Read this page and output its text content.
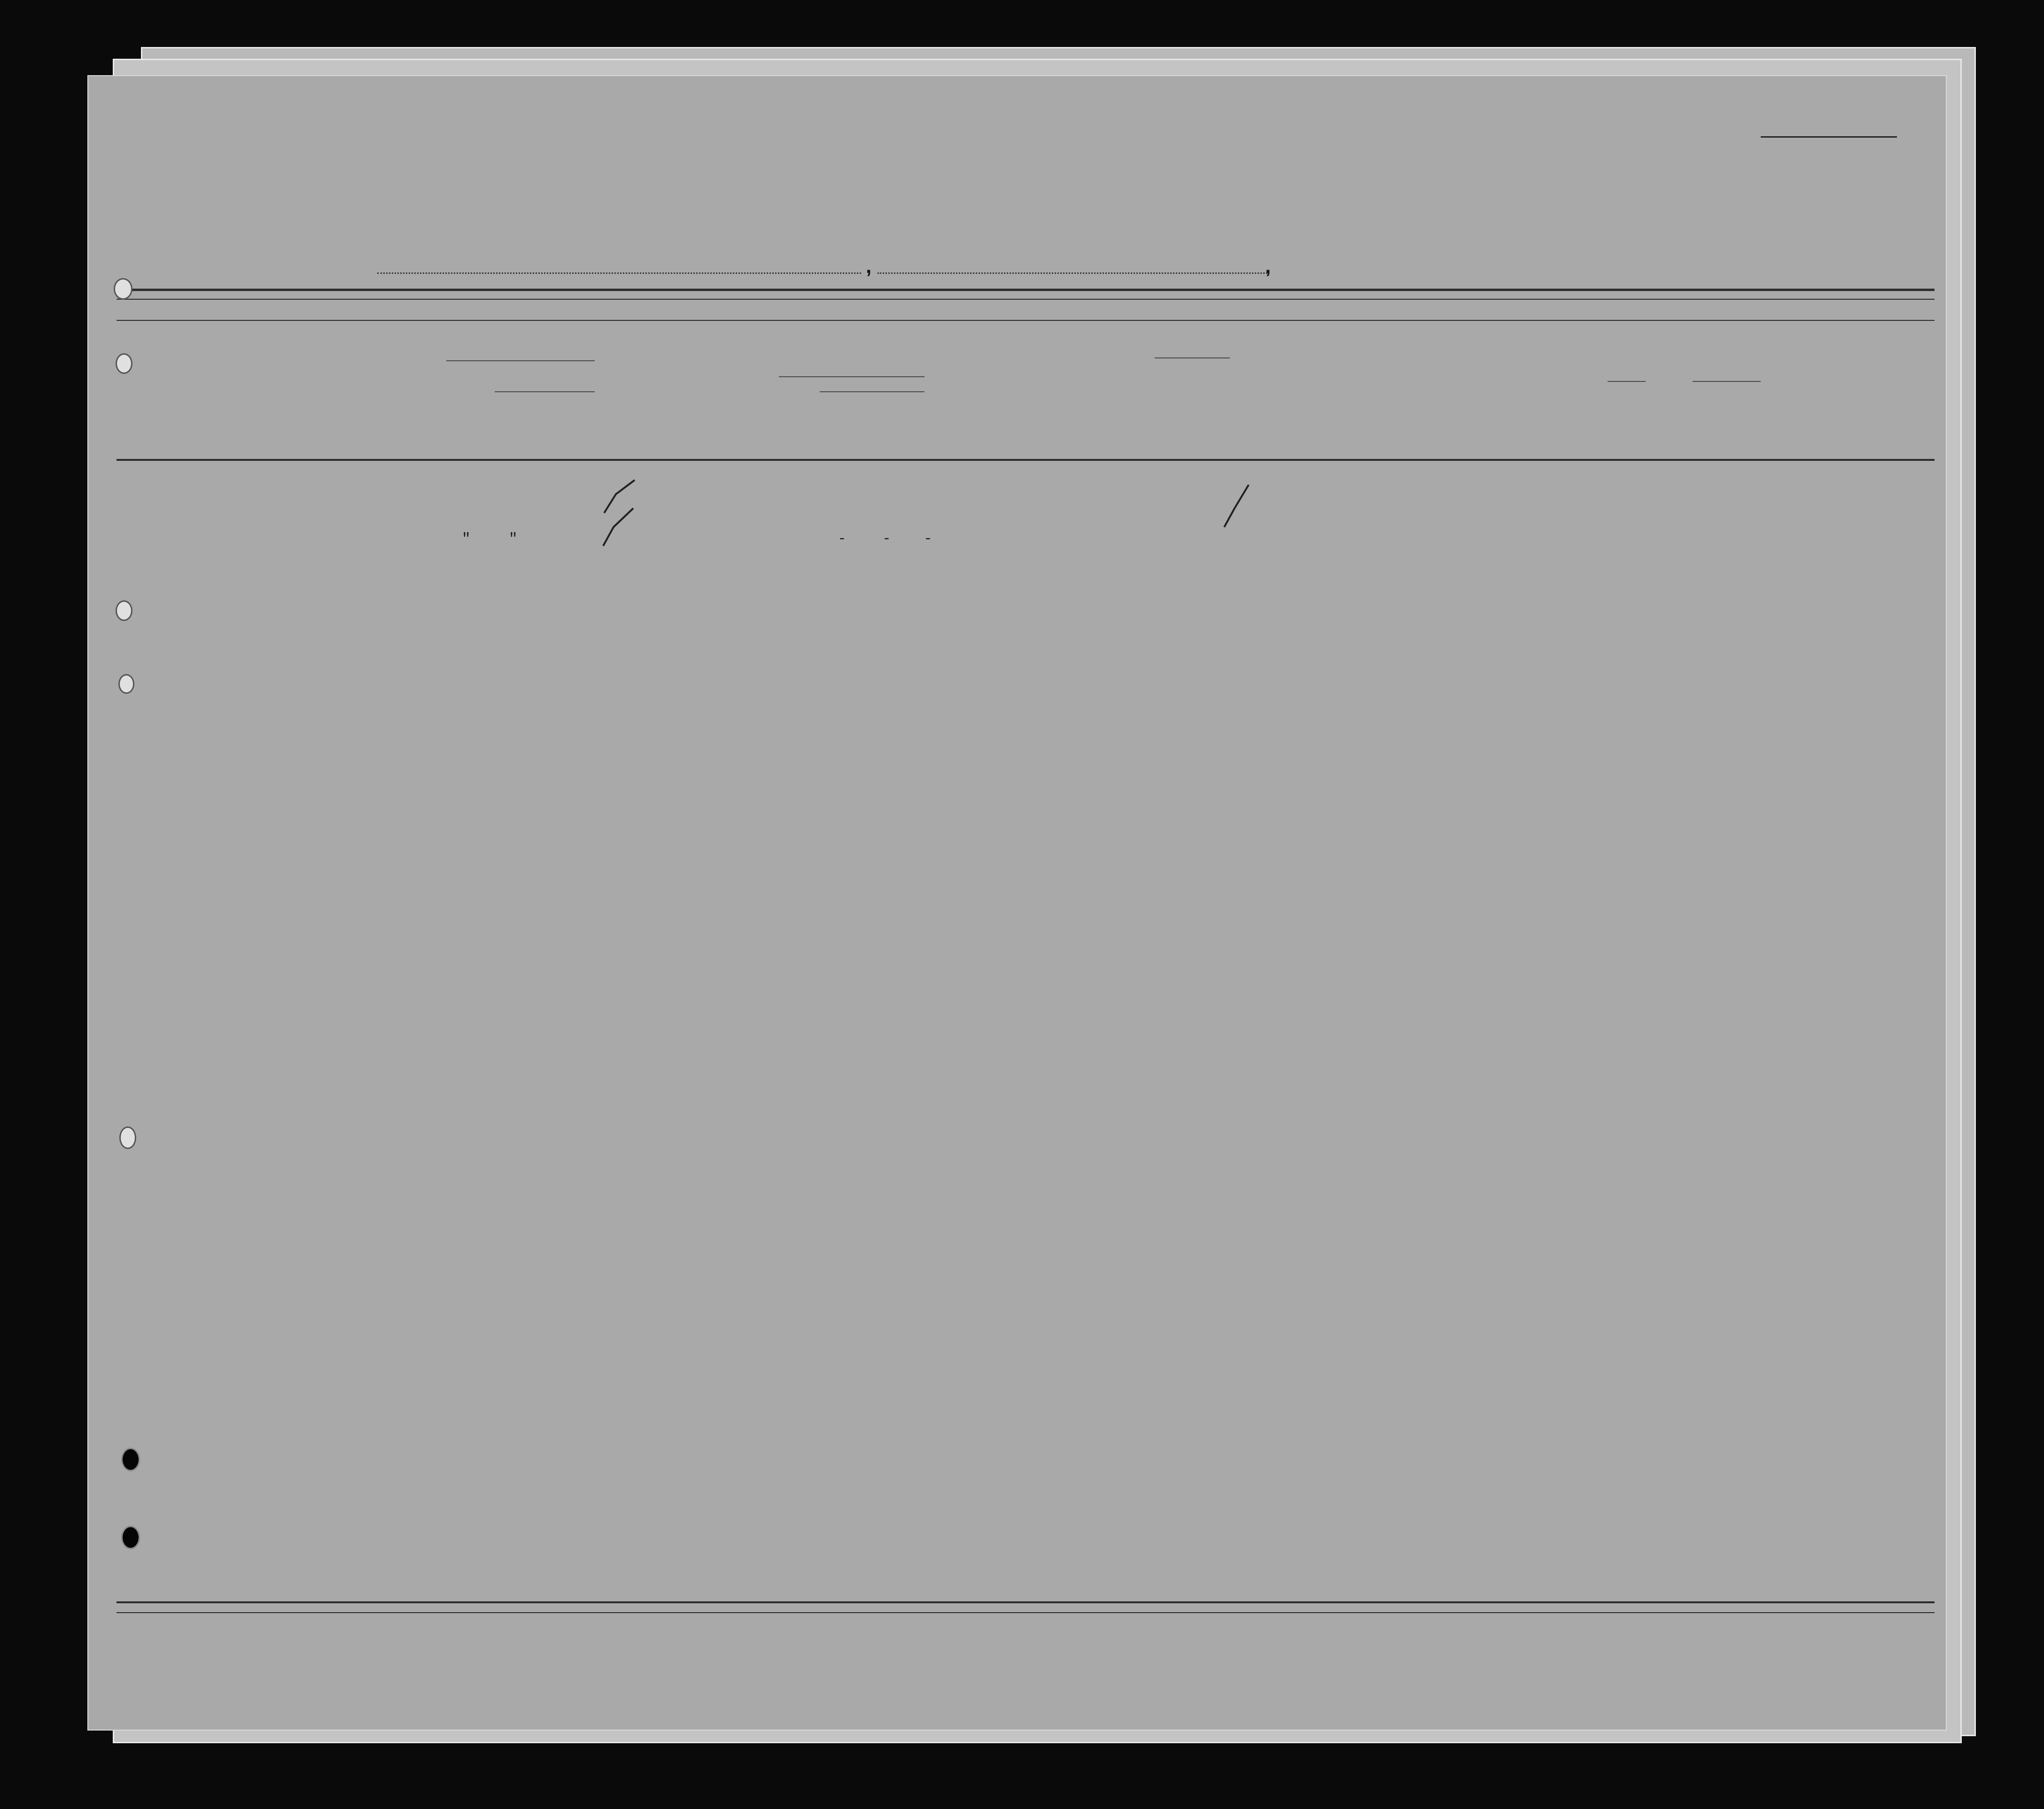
,	,
"	"	- - -
